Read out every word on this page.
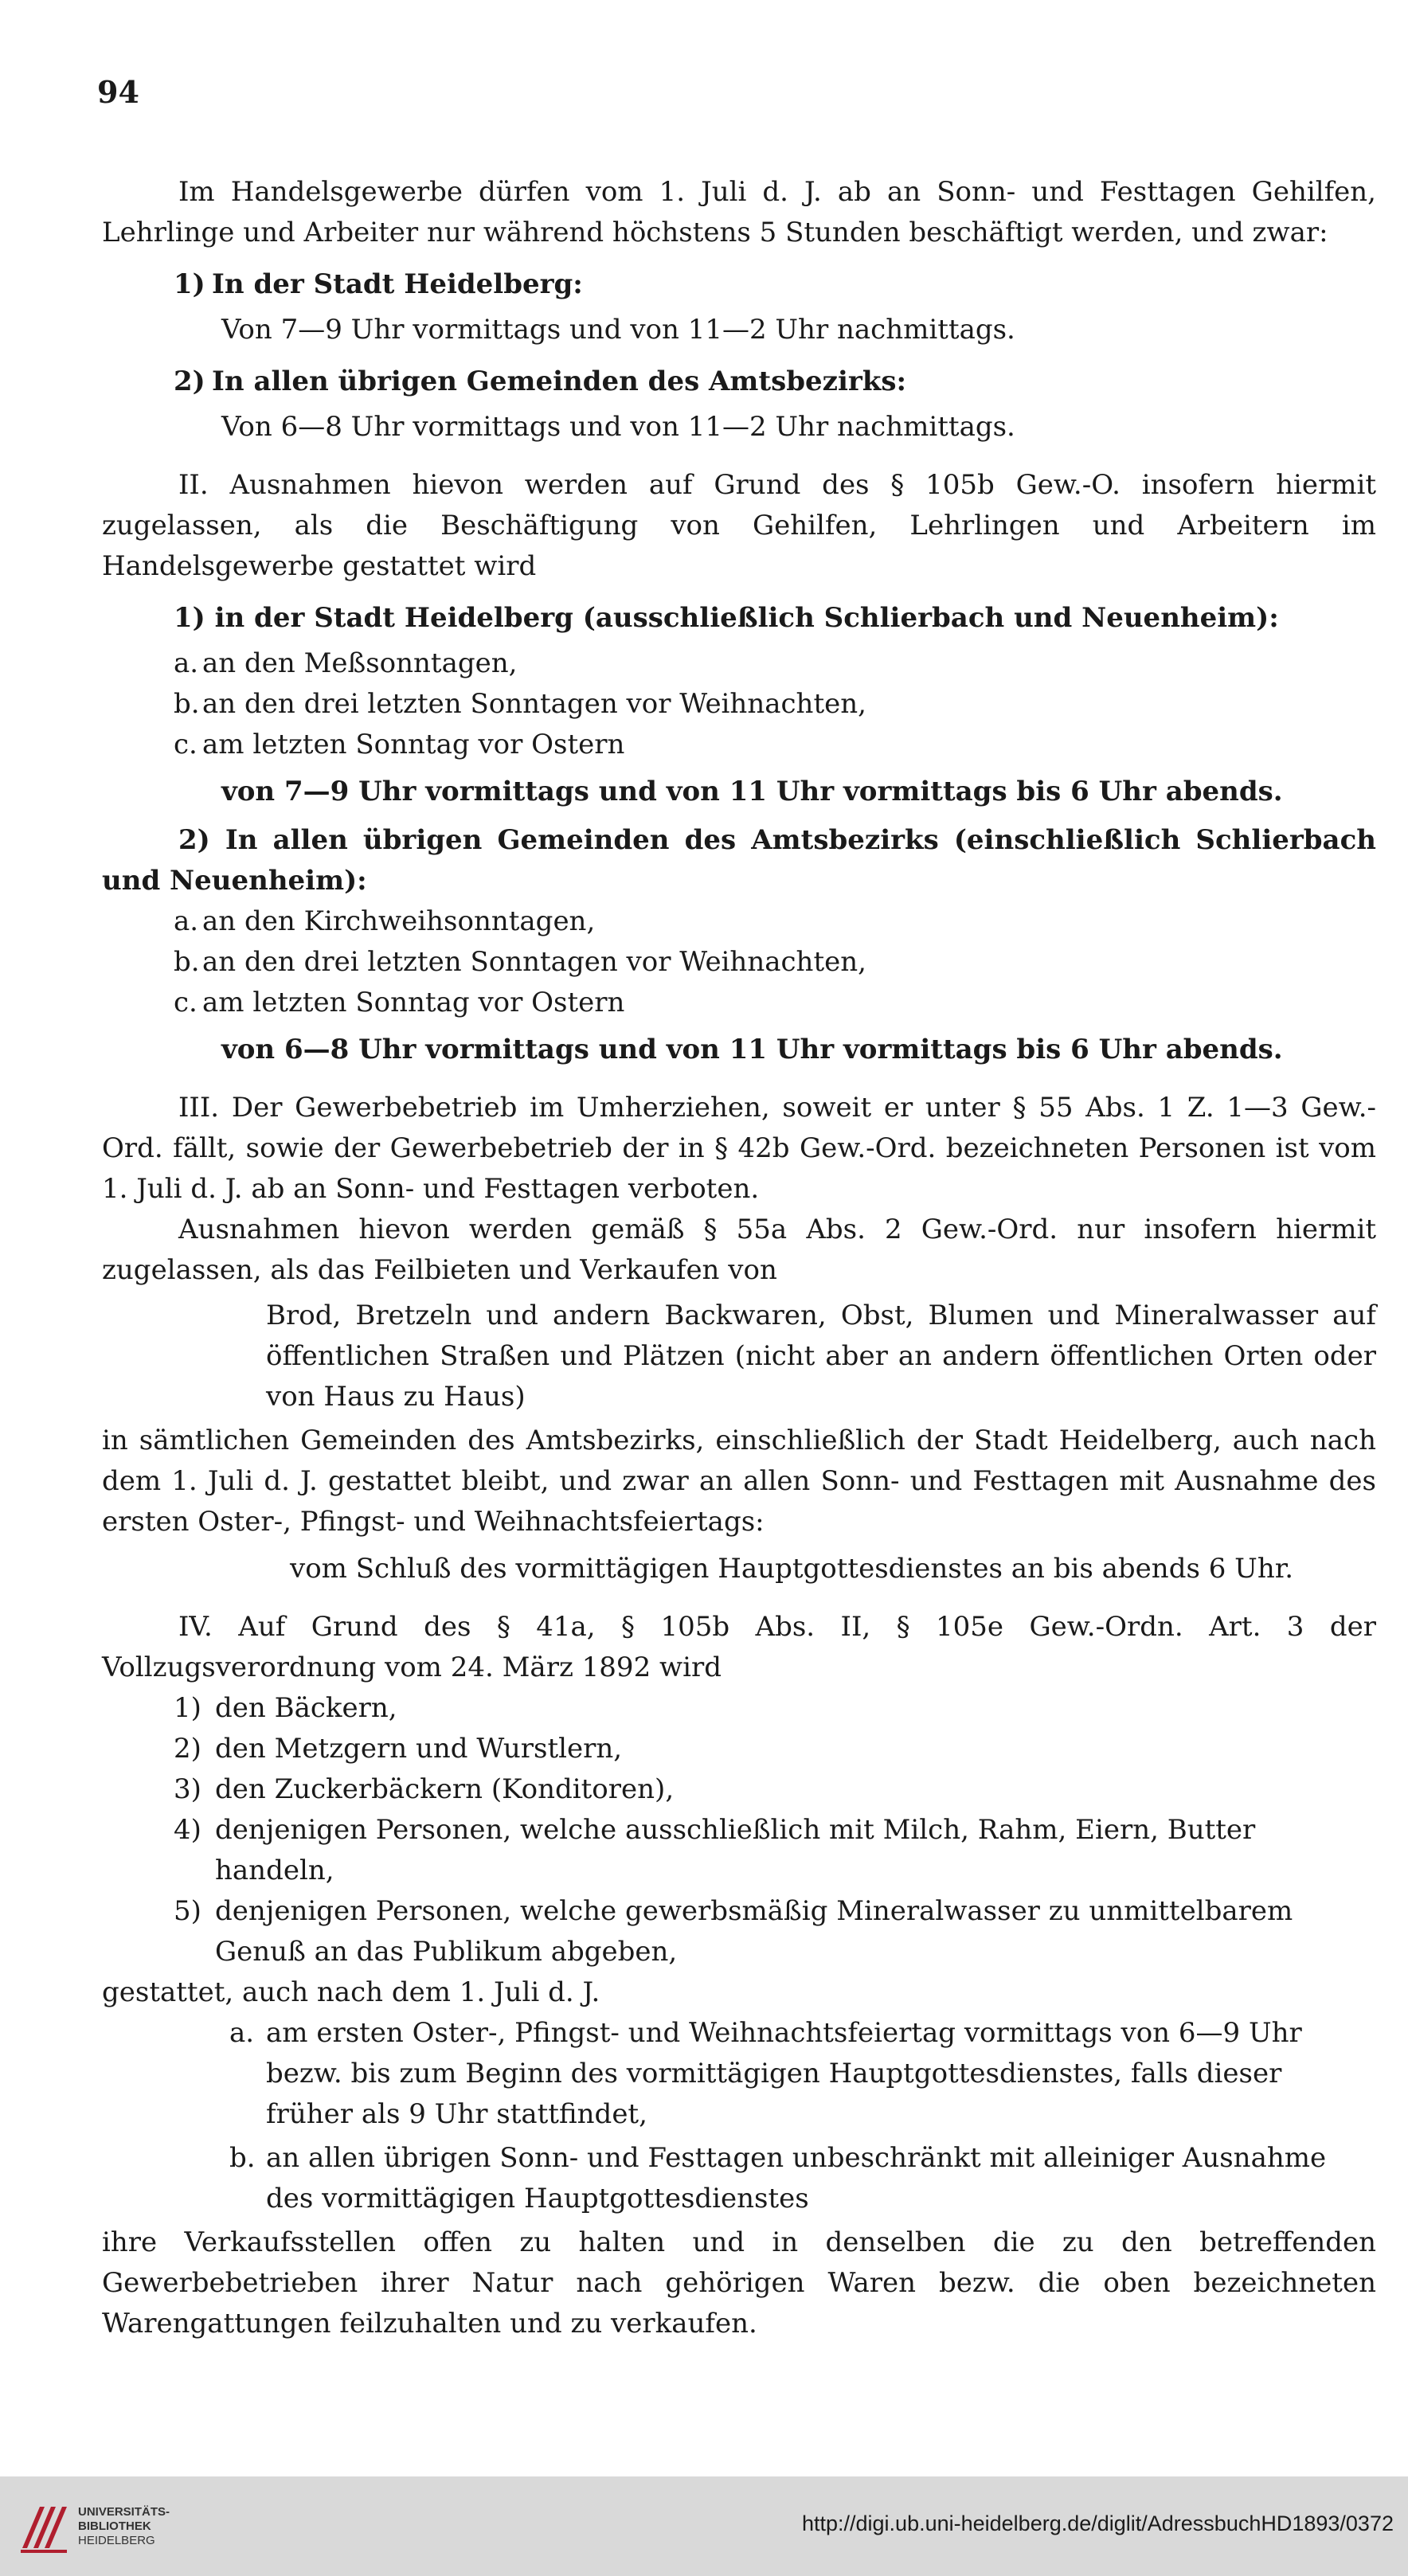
94

Im Handelsgewerbe dürfen vom 1. Juli d. J. ab an Sonn- und Festtagen Gehilfen, Lehrlinge und Arbeiter nur während höchstens 5 Stunden beschäftigt werden, und zwar:

1) In der Stadt Heidelberg:
Von 7—9 Uhr vormittags und von 11—2 Uhr nachmittags.
2) In allen übrigen Gemeinden des Amtsbezirks:
Von 6—8 Uhr vormittags und von 11—2 Uhr nachmittags.

II. Ausnahmen hievon werden auf Grund des § 105b Gew.-O. insofern hiermit zugelassen, als die Beschäftigung von Gehilfen, Lehrlingen und Arbeitern im Handelsgewerbe gestattet wird

1) in der Stadt Heidelberg (ausschließlich Schlierbach und Neuenheim):
a. an den Meßsonntagen,
b. an den drei letzten Sonntagen vor Weihnachten,
c. am letzten Sonntag vor Ostern
von 7—9 Uhr vormittags und von 11 Uhr vormittags bis 6 Uhr abends.

2) In allen übrigen Gemeinden des Amtsbezirks (einschließlich Schlierbach und Neuenheim):

a. an den Kirchweihsonntagen,
b. an den drei letzten Sonntagen vor Weihnachten,
c. am letzten Sonntag vor Ostern
von 6—8 Uhr vormittags und von 11 Uhr vormittags bis 6 Uhr abends.

III. Der Gewerbebetrieb im Umherziehen, soweit er unter § 55 Abs. 1 Z. 1—3 Gew.-Ord. fällt, sowie der Gewerbebetrieb der in § 42b Gew.-Ord. bezeichneten Personen ist vom 1. Juli d. J. ab an Sonn- und Festtagen verboten.

Ausnahmen hievon werden gemäß § 55a Abs. 2 Gew.-Ord. nur insofern hiermit zugelassen, als das Feilbieten und Verkaufen von

Brod, Bretzeln und andern Backwaren, Obst, Blumen und Mineralwasser auf öffentlichen Straßen und Plätzen (nicht aber an andern öffentlichen Orten oder von Haus zu Haus)

in sämtlichen Gemeinden des Amtsbezirks, einschließlich der Stadt Heidelberg, auch nach dem 1. Juli d. J. gestattet bleibt, und zwar an allen Sonn- und Festtagen mit Ausnahme des ersten Oster-, Pfingst- und Weihnachtsfeiertags:

vom Schluß des vormittägigen Hauptgottesdienstes an bis abends 6 Uhr.

IV. Auf Grund des § 41a, § 105b Abs. II, § 105e Gew.-Ordn. Art. 3 der Vollzugsverordnung vom 24. März 1892 wird

1) den Bäckern,
2) den Metzgern und Wurstlern,
3) den Zuckerbäckern (Konditoren),
4) denjenigen Personen, welche ausschließlich mit Milch, Rahm, Eiern, Butter handeln,
5) denjenigen Personen, welche gewerbsmäßig Mineralwasser zu unmittelbarem Genuß an das Publikum abgeben,

gestattet, auch nach dem 1. Juli d. J.

a. am ersten Oster-, Pfingst- und Weihnachtsfeiertag vormittags von 6—9 Uhr bezw. bis zum Beginn des vormittägigen Hauptgottesdienstes, falls dieser früher als 9 Uhr stattfindet,
b. an allen übrigen Sonn- und Festtagen unbeschränkt mit alleiniger Ausnahme des vormittägigen Hauptgottesdienstes

ihre Verkaufsstellen offen zu halten und in denselben die zu den betreffenden Gewerbebetrieben ihrer Natur nach gehörigen Waren bezw. die oben bezeichneten Warengattungen feilzuhalten und zu verkaufen.

UNIVERSITÄTS-
BIBLIOTHEK
HEIDELBERG
http://digi.ub.uni-heidelberg.de/diglit/AdressbuchHD1893/0372
